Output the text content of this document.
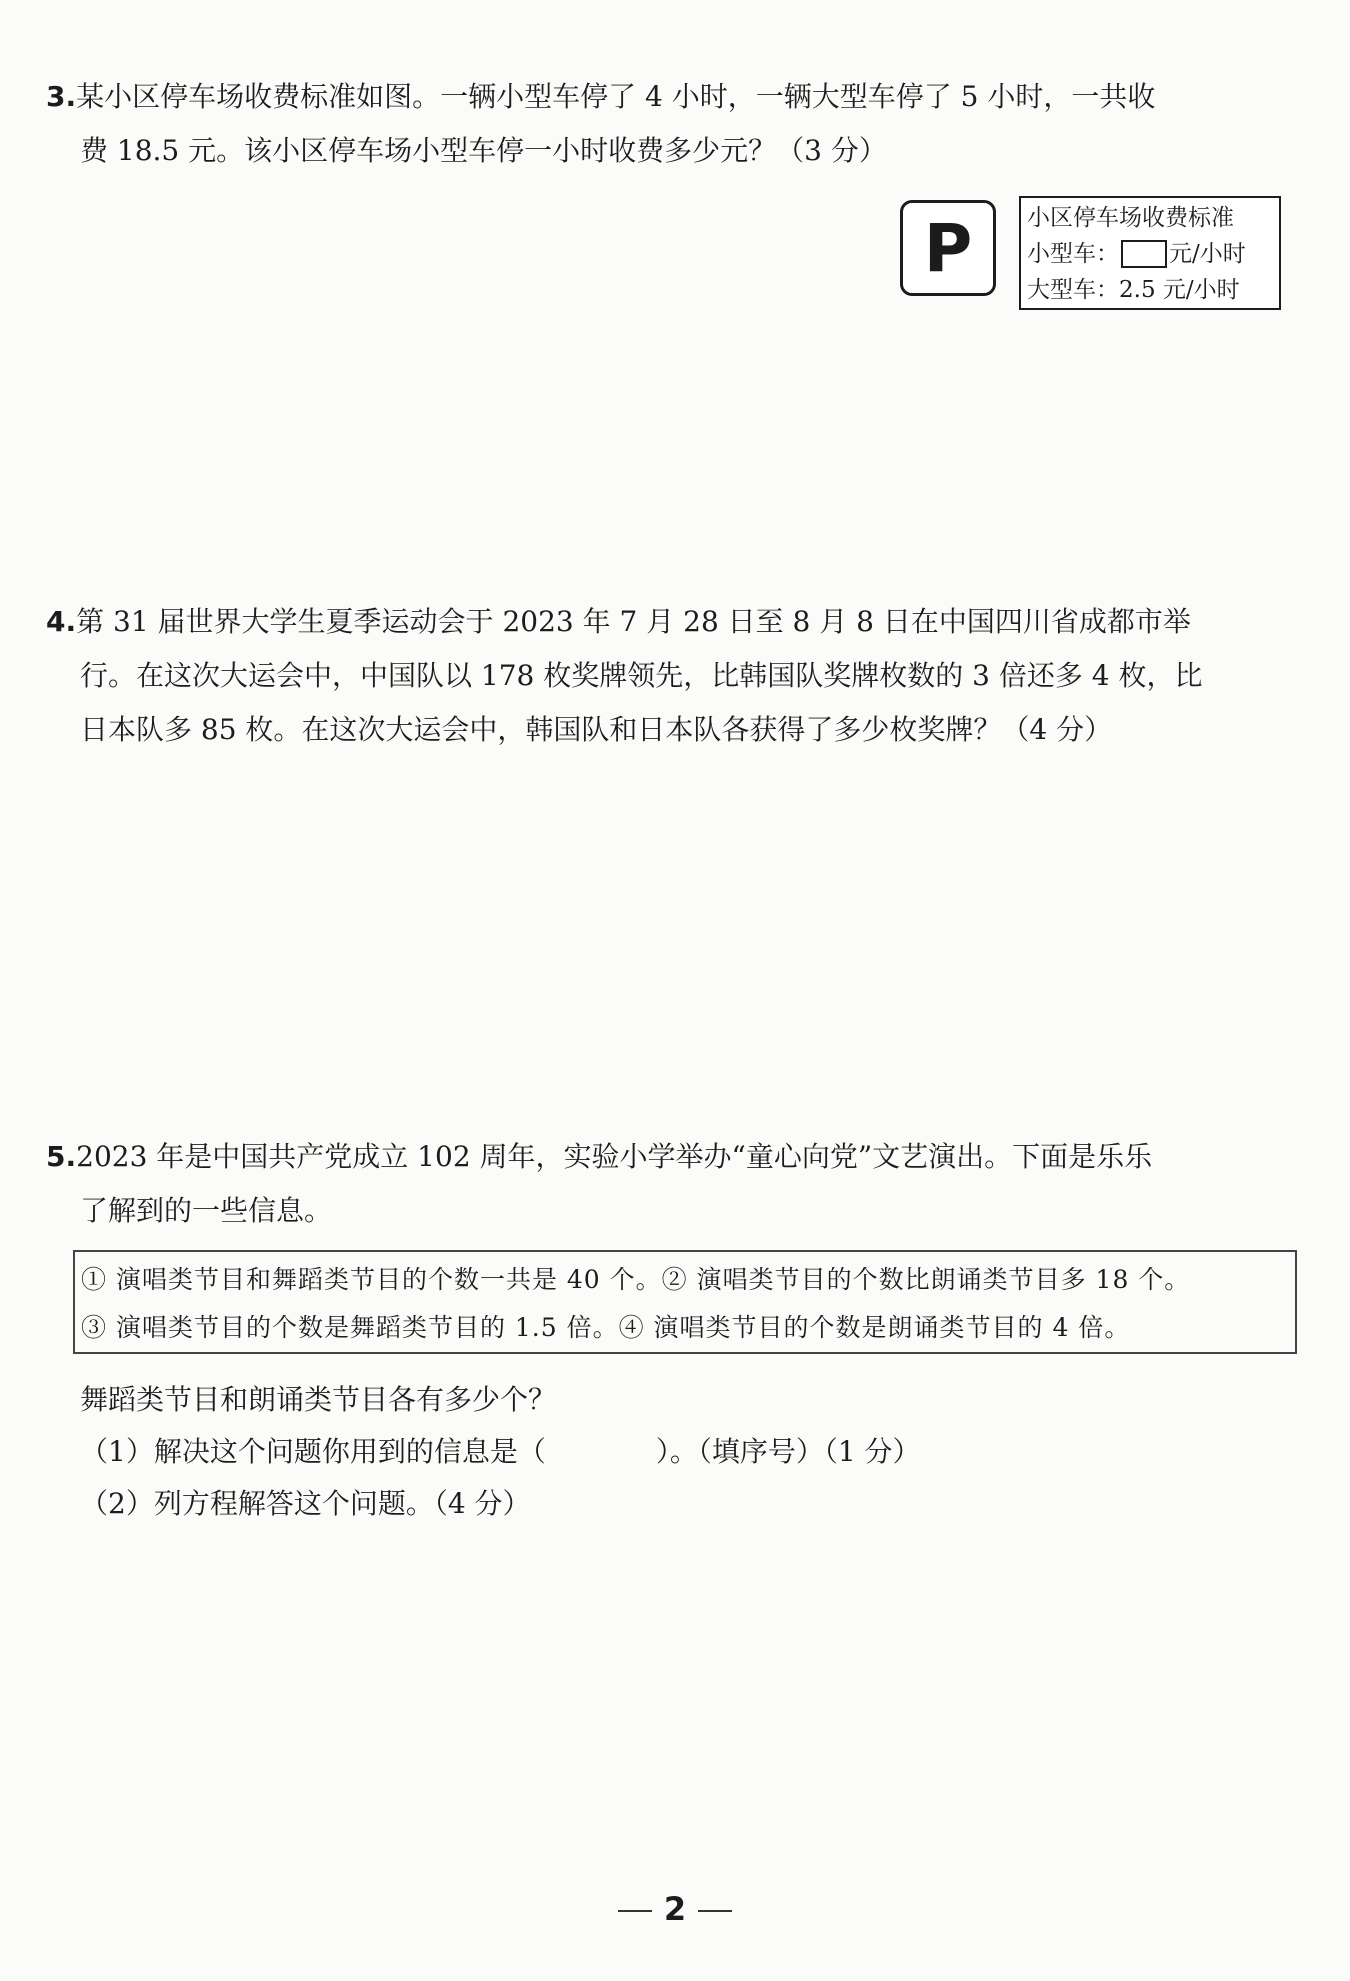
3.某小区停车场收费标准如图。一辆小型车停了 4 小时，一辆大型车停了 5 小时，一共收
费 18.5 元。该小区停车场小型车停一小时收费多少元？（3 分）
P	小区停车场收费标准
小型车： 元/小时
大型车：2.5 元/小时
4.第 31 届世界大学生夏季运动会于 2023 年 7 月 28 日至 8 月 8 日在中国四川省成都市举
行。在这次大运会中，中国队以 178 枚奖牌领先，比韩国队奖牌枚数的 3 倍还多 4 枚，比
日本队多 85 枚。在这次大运会中，韩国队和日本队各获得了多少枚奖牌？（4 分）
5.2023 年是中国共产党成立 102 周年，实验小学举办“童心向党”文艺演出。下面是乐乐
了解到的一些信息。
① 演唱类节目和舞蹈类节目的个数一共是 40 个。② 演唱类节目的个数比朗诵类节目多 18 个。
③ 演唱类节目的个数是舞蹈类节目的 1.5 倍。④ 演唱类节目的个数是朗诵类节目的 4 倍。
舞蹈类节目和朗诵类节目各有多少个？
（1）解决这个问题你用到的信息是（	）。（填序号）（1 分）
（2）列方程解答这个问题。（4 分）
2
